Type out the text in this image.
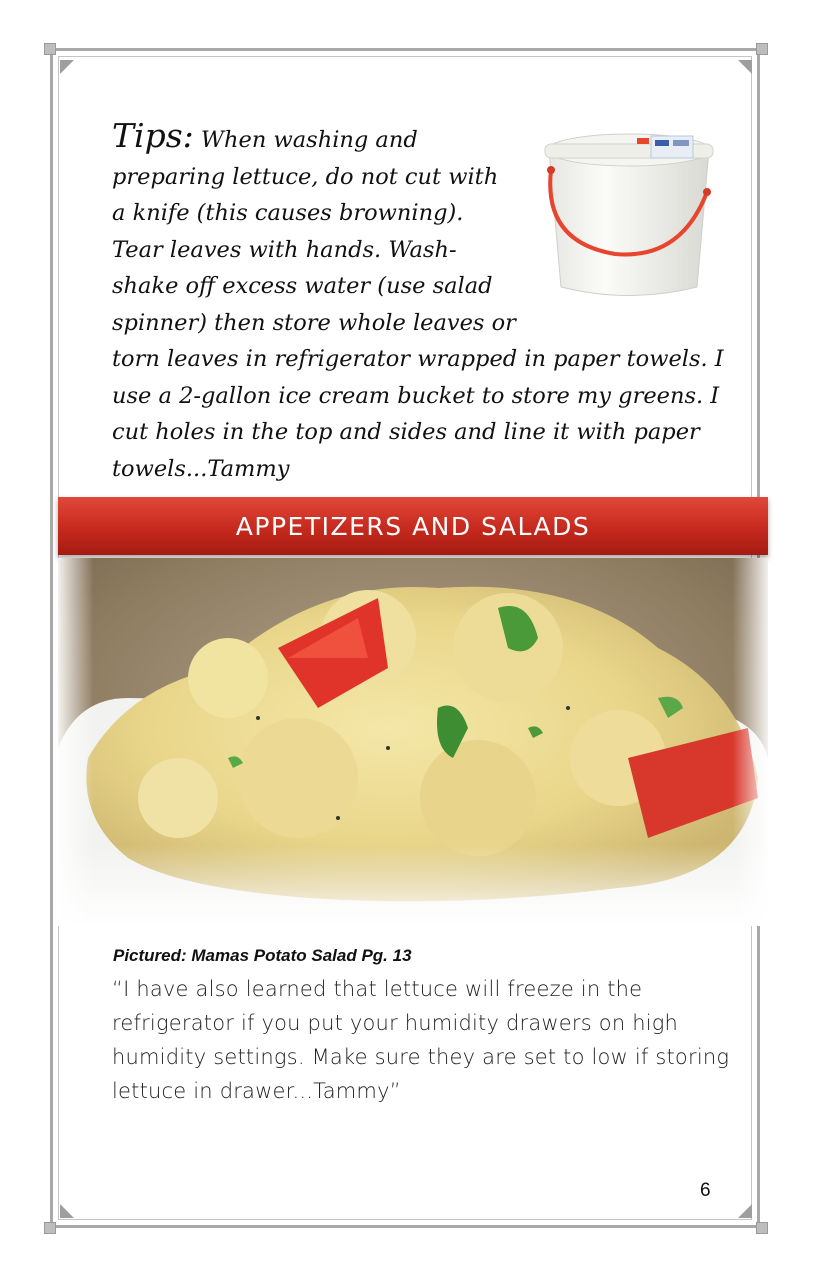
Tips: When washing and preparing lettuce, do not cut with a knife (this causes browning). Tear leaves with hands. Wash-shake off excess water (use salad spinner) then store whole leaves or torn leaves in refrigerator wrapped in paper towels. I use a 2-gallon ice cream bucket to store my greens. I cut holes in the top and sides and line it with paper towels...Tammy

APPETIZERS AND SALADS
Pictured: Mamas Potato Salad Pg. 13

“I have also learned that lettuce will freeze in the refrigerator if you put your humidity drawers on high humidity settings. Make sure they are set to low if storing lettuce in drawer...Tammy”

6
